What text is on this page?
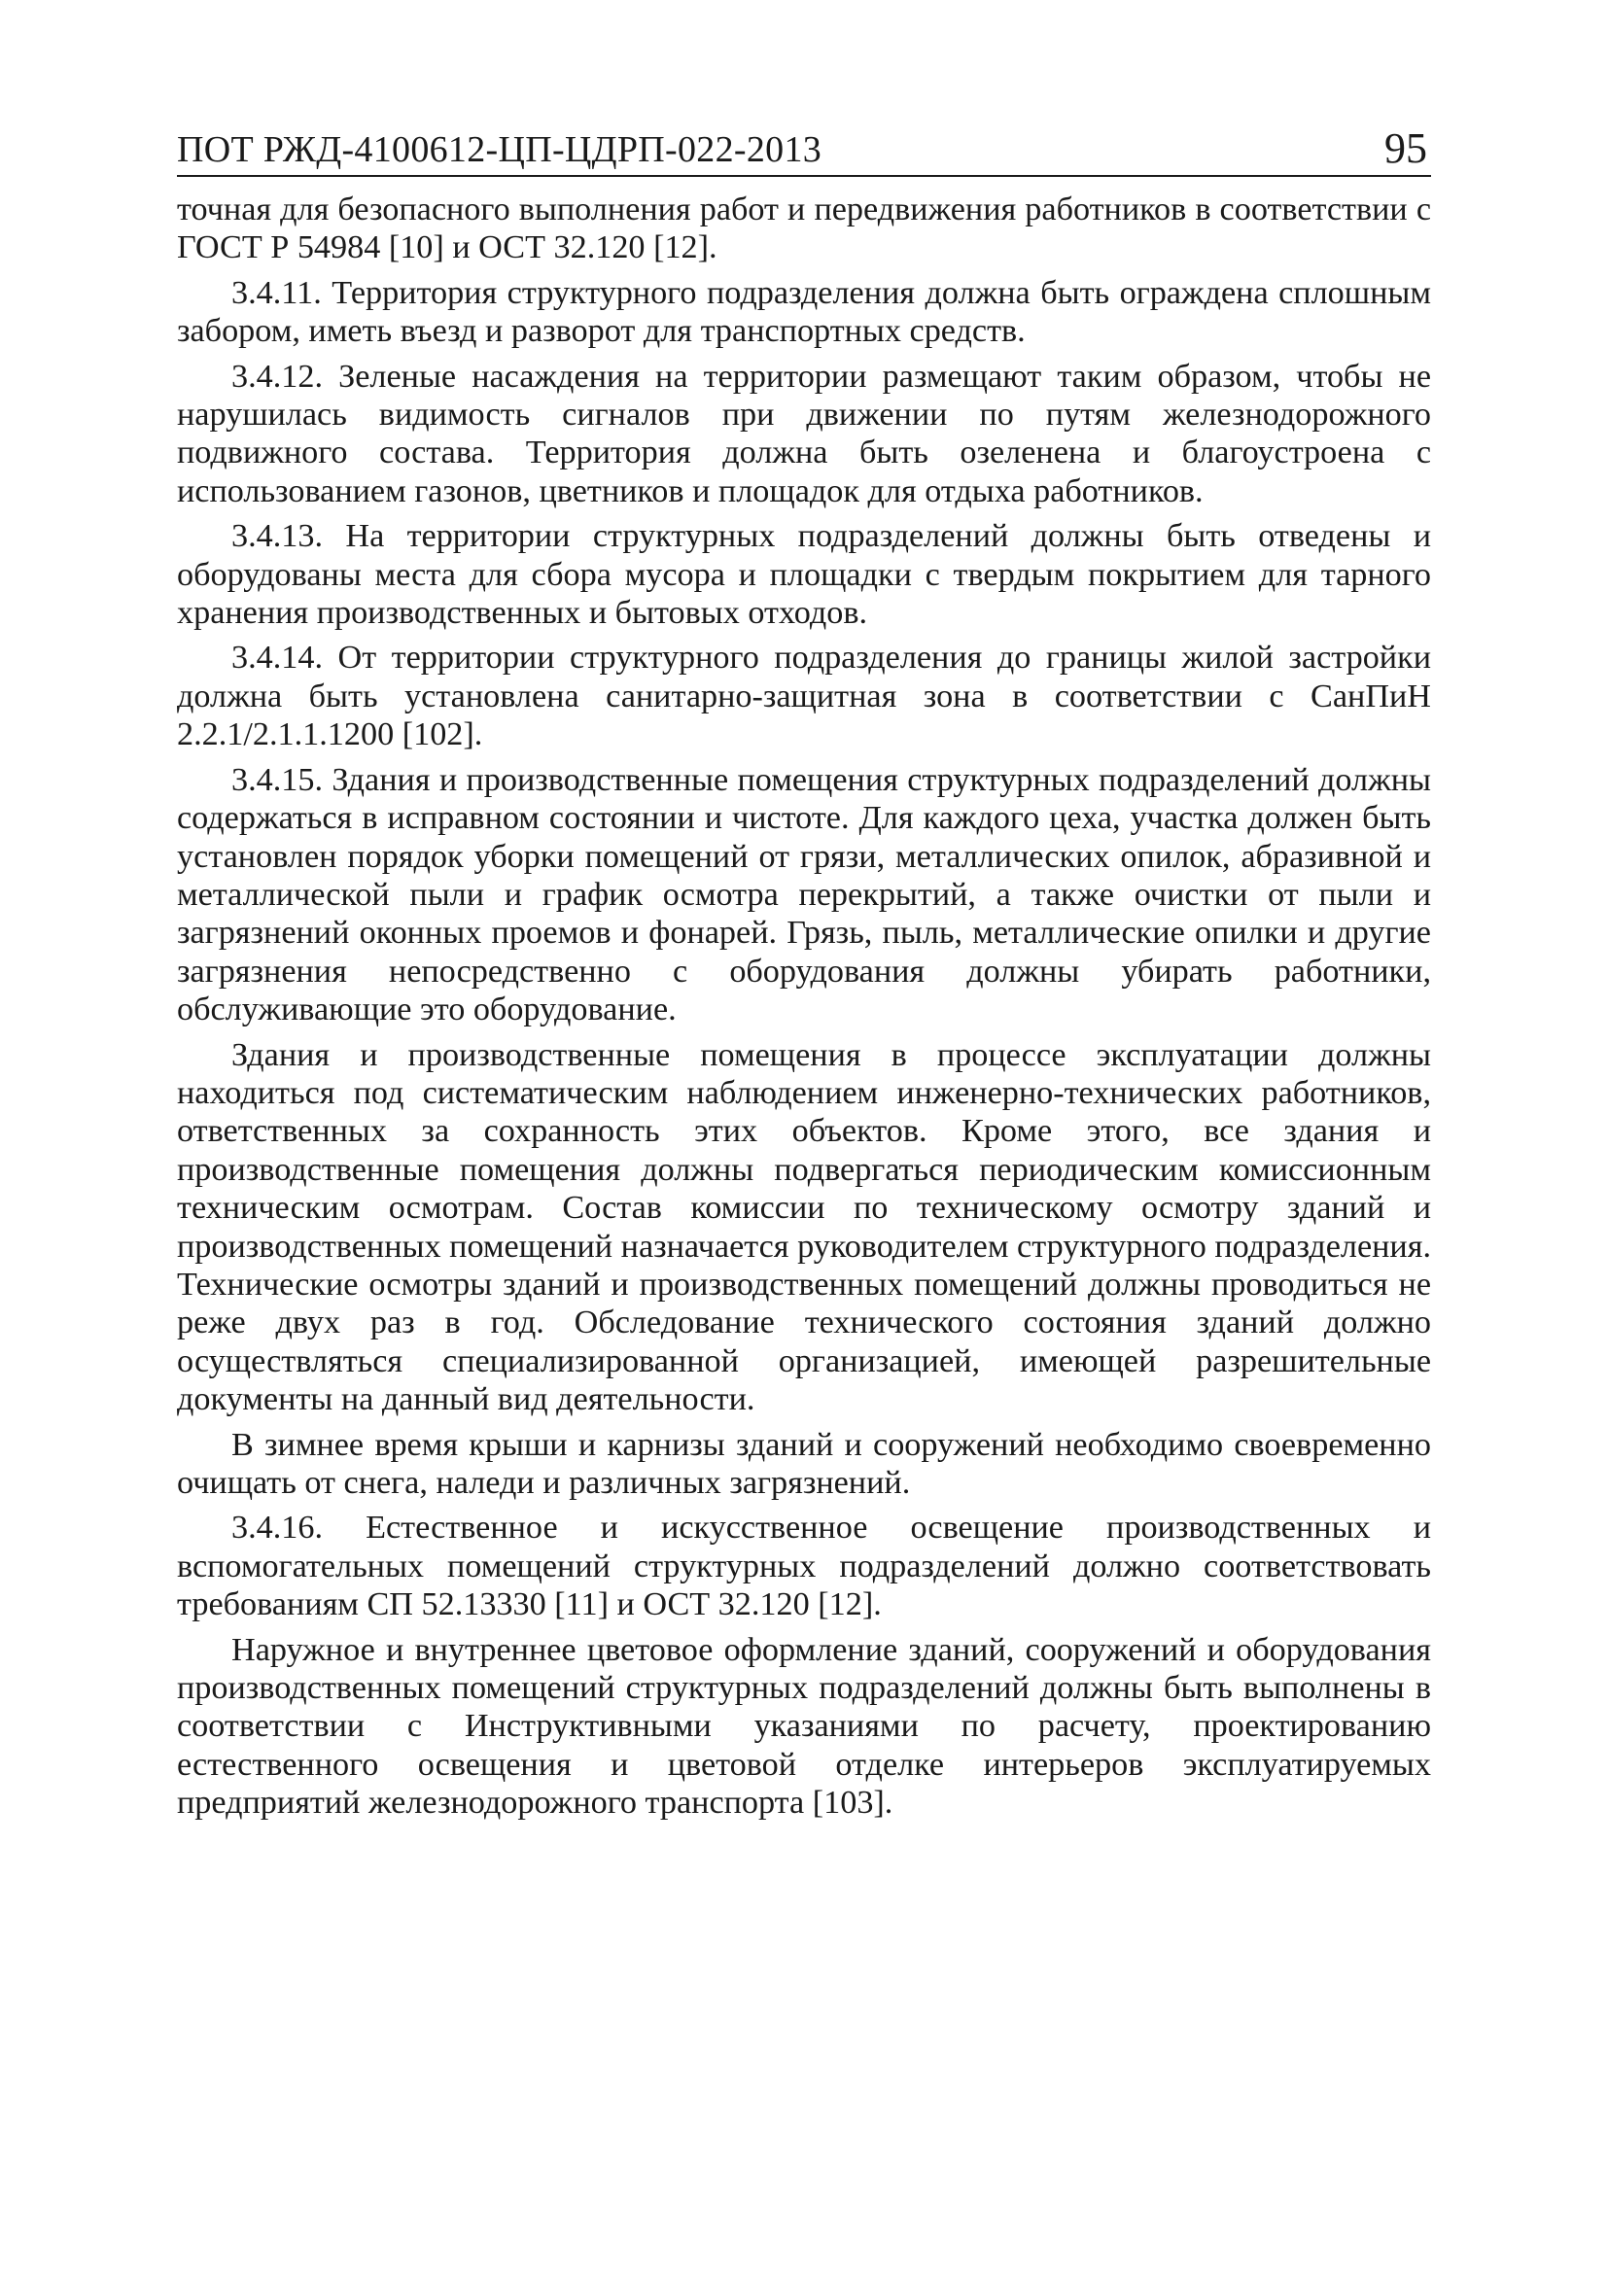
ПОТ РЖД-4100612-ЦП-ЦДРП-022-2013	95

точная для безопасного выполнения работ и передвижения работников в соответствии с ГОСТ Р 54984 [10] и ОСТ 32.120 [12].

3.4.11. Территория структурного подразделения должна быть ограждена сплошным забором, иметь въезд и разворот для транспортных средств.

3.4.12. Зеленые насаждения на территории размещают таким образом, чтобы не нарушилась видимость сигналов при движении по путям железнодорожного подвижного состава. Территория должна быть озеленена и благоустроена с использованием газонов, цветников и площадок для отдыха работников.

3.4.13. На территории структурных подразделений должны быть отведены и оборудованы места для сбора мусора и площадки с твердым покрытием для тарного хранения производственных и бытовых отходов.

3.4.14. От территории структурного подразделения до границы жилой застройки должна быть установлена санитарно-защитная зона в соответствии с СанПиН 2.2.1/2.1.1.1200 [102].

3.4.15. Здания и производственные помещения структурных подразделений должны содержаться в исправном состоянии и чистоте. Для каждого цеха, участка должен быть установлен порядок уборки помещений от грязи, металлических опилок, абразивной и металлической пыли и график осмотра перекрытий, а также очистки от пыли и загрязнений оконных проемов и фонарей. Грязь, пыль, металлические опилки и другие загрязнения непосредственно с оборудования должны убирать работники, обслуживающие это оборудование.

Здания и производственные помещения в процессе эксплуатации должны находиться под систематическим наблюдением инженерно-технических работников, ответственных за сохранность этих объектов. Кроме этого, все здания и производственные помещения должны подвергаться периодическим комиссионным техническим осмотрам. Состав комиссии по техническому осмотру зданий и производственных помещений назначается руководителем структурного подразделения. Технические осмотры зданий и производственных помещений должны проводиться не реже двух раз в год. Обследование технического состояния зданий должно осуществляться специализированной организацией, имеющей разрешительные документы на данный вид деятельности.

В зимнее время крыши и карнизы зданий и сооружений необходимо своевременно очищать от снега, наледи и различных загрязнений.

3.4.16. Естественное и искусственное освещение производственных и вспомогательных помещений структурных подразделений должно соответствовать требованиям СП 52.13330 [11] и ОСТ 32.120 [12].

Наружное и внутреннее цветовое оформление зданий, сооружений и оборудования производственных помещений структурных подразделений должны быть выполнены в соответствии с Инструктивными указаниями по расчету, проектированию естественного освещения и цветовой отделке интерьеров эксплуатируемых предприятий железнодорожного транспорта [103].
